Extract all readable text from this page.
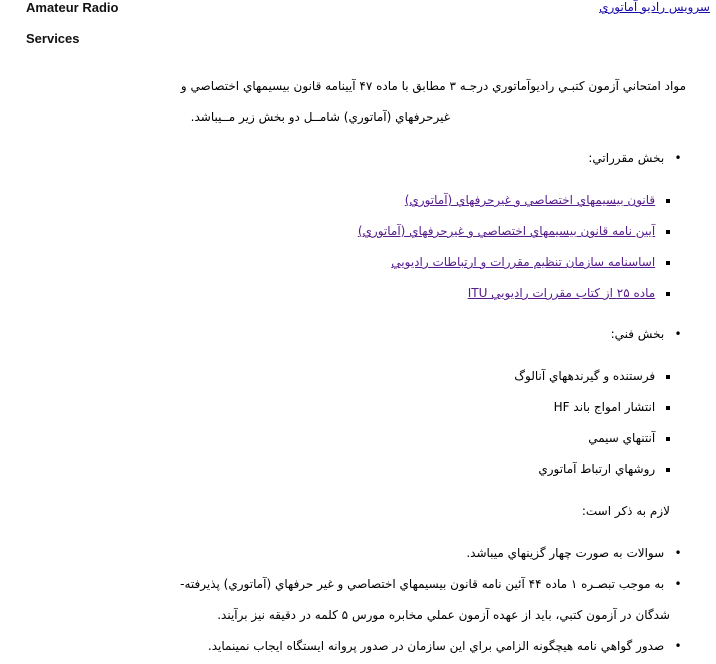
Amateur Radio
Services
سرويس راديو آماتوري
مواد امتحاني آزمون كتبـي راديوآماتوري درجـه ۳ مطابق با ماده ۴۷ آيينامه قانون بيسيمهاي اختصاصي و
غيرحرفهاي (آماتوري) شامــل دو بخش زير مــيباشد.
• بخش مقرراتي:
قانون بيسيمهاي اختصاصي و غيرحرفهاي (آماتوري)
آيين نامه قانون بيسيمهاي اختصاصي و غيرحرفهاي (آماتوري)
اساسنامه سازمان تنظيم مقررات و ارتباطات راديويي
ماده ۲۵ از كتاب مقررات راديويي ITU
• بخش فني:
فرستنده و گيرندههاي آنالوگ
انتشار امواج باند HF
آنتنهاي سيمي
روشهاي ارتباط آماتوري
لازم به ذكر است:
• سوالات به صورت چهار گزينهاي ميباشد.
• به موجب تبصـره ۱ ماده ۴۴ آئين نامه قانون بيسيمهاي اختصاصي و غير حرفهاي (آماتوري) پذيرفته-
شدگان در آزمون كتبي، بايد از عهده آزمون عملي مخابره مورس ۵ كلمه در دقيقه نيز برآيند.
• صدور گواهي نامه هيچگونه الزامي براي اين سازمان در صدور پروانه ايستگاه ايجاب نمينمايد.
